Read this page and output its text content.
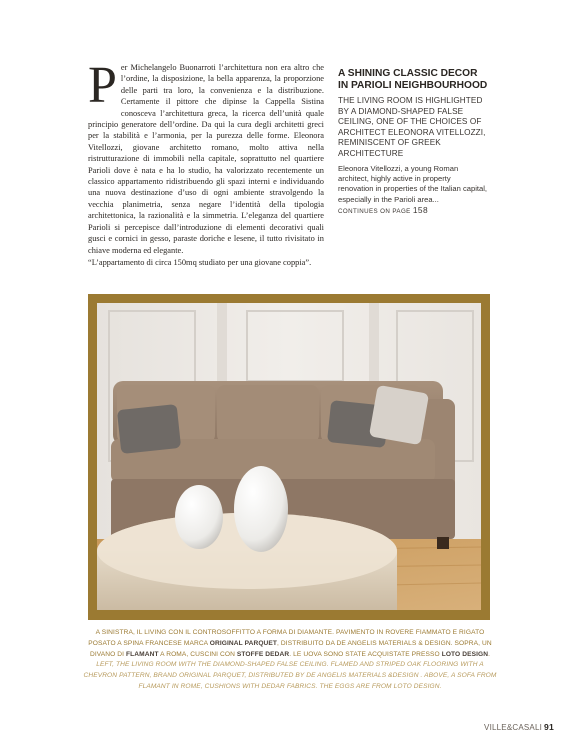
P er Michelangelo Buonarroti l’architettura non era altro che l’ordine, la disposizione, la bella apparenza, la proporzione delle parti tra loro, la convenienza e la distribuzione. Certamente il pittore che dipinse la Cappella Sistina conosceva l’architettura greca, la ricerca dell’unità quale principio generatore dell’ordine. Da qui la cura degli architetti greci per la stabilità e l’armonia, per la purezza delle forme. Eleonora Vitellozzi, giovane architetto romano, molto attiva nella ristrutturazione di immobili nella capitale, soprattutto nel quartiere Parioli dove è nata e ha lo studio, ha valorizzato recentemente un classico appartamento ridistribuendo gli spazi interni e individuando una nuova destinazione d’uso di ogni ambiente stravolgendo la vecchia planimetria, senza negare l’identità della tipologia architettonica, la razionalità e la simmetria. L’eleganza del quartiere Parioli si percepisce dall’introduzione di elementi decorativi quali gusci e cornici in gesso, paraste doriche e lesene, il tutto rivisitato in chiave moderna ed elegante.

“L’appartamento di circa 150mq studiato per una giovane coppia”.

A SHINING CLASSIC DECOR IN PARIOLI NEIGHBOURHOOD

THE LIVING ROOM IS HIGHLIGHTED BY A DIAMOND-SHAPED FALSE CEILING, ONE OF THE CHOICES OF ARCHITECT ELEONORA VITELLOZZI, REMINISCENT OF GREEK ARCHITECTURE

Eleonora Vitellozzi, a young Roman architect, highly active in property renovation in properties of the Italian capital, especially in the Parioli area...
CONTINUES ON PAGE 158

A SINISTRA, IL LIVING CON IL CONTROSOFFITTO A FORMA DI DIAMANTE. PAVIMENTO IN ROVERE FIAMMATO E RIGATO POSATO A SPINA FRANCESE MARCA ORIGINAL PARQUET, DISTRIBUITO DA DE ANGELIS MATERIALS & DESIGN. SOPRA, UN DIVANO DI FLAMANT A ROMA, CUSCINI CON STOFFE DEDAR. LE UOVA SONO STATE ACQUISTATE PRESSO LOTO DESIGN.

LEFT, THE LIVING ROOM WITH THE DIAMOND-SHAPED FALSE CEILING. FLAMED AND STRIPED OAK FLOORING WITH A CHEVRON PATTERN, BRAND ORIGINAL PARQUET, DISTRIBUTED BY DE ANGELIS MATERIALS &DESIGN . ABOVE, A SOFA FROM FLAMANT IN ROME, CUSHIONS WITH DEDAR FABRICS. THE EGGS ARE FROM LOTO DESIGN.

VILLE&CASALI 91
